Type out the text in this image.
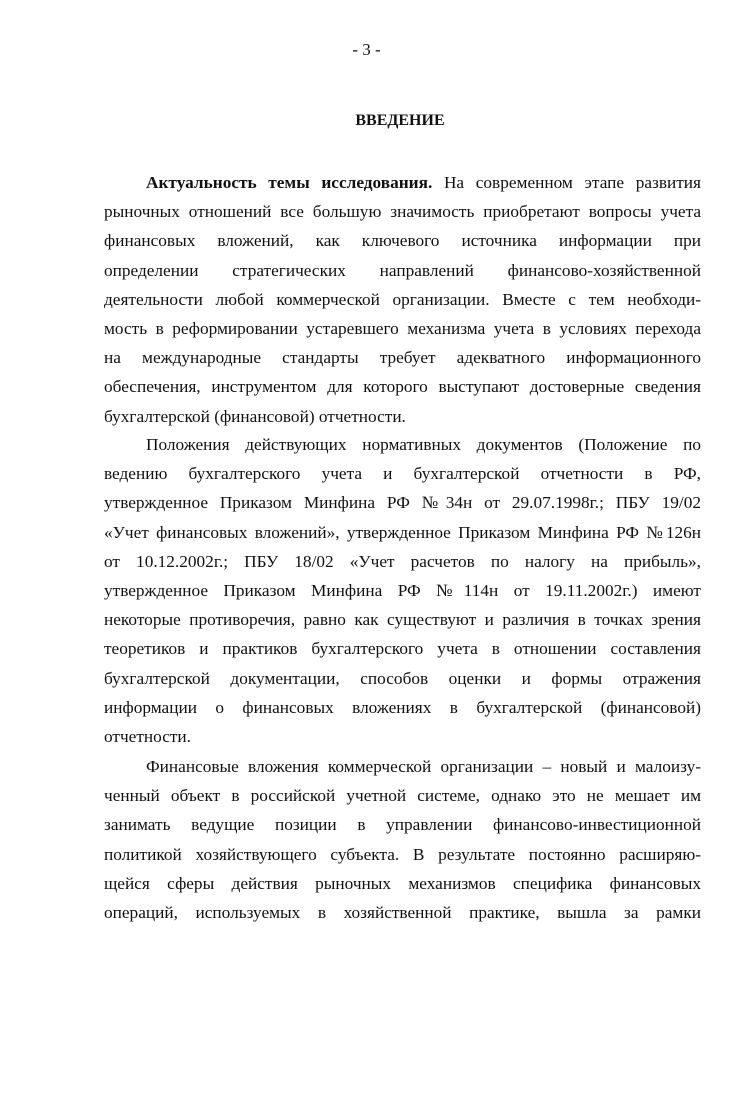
- 3 -
ВВЕДЕНИЕ
Актуальность темы исследования. На современном этапе развития
рыночных отношений все большую значимость приобретают вопросы учета
финансовых вложений, как ключевого источника информации при
определении стратегических направлений финансово-хозяйственной
деятельности любой коммерческой организации. Вместе с тем необходи-
мость в реформировании устаревшего механизма учета в условиях перехода
на международные стандарты требует адекватного информационного
обеспечения, инструментом для которого выступают достоверные сведения
бухгалтерской (финансовой) отчетности.
Положения действующих нормативных документов (Положение по
ведению бухгалтерского учета и бухгалтерской отчетности в РФ,
утвержденное Приказом Минфина РФ №34н от 29.07.1998г.; ПБУ 19/02
«Учет финансовых вложений», утвержденное Приказом Минфина РФ №126н
от 10.12.2002г.; ПБУ 18/02 «Учет расчетов по налогу на прибыль»,
утвержденное Приказом Минфина РФ №114н от 19.11.2002г.) имеют
некоторые противоречия, равно как существуют и различия в точках зрения
теоретиков и практиков бухгалтерского учета в отношении составления
бухгалтерской документации, способов оценки и формы отражения
информации о финансовых вложениях в бухгалтерской (финансовой)
отчетности.
Финансовые вложения коммерческой организации – новый и малоизу-
ченный объект в российской учетной системе, однако это не мешает им
занимать ведущие позиции в управлении финансово-инвестиционной
политикой хозяйствующего субъекта. В результате постоянно расширяю-
щейся сферы действия рыночных механизмов специфика финансовых
операций, используемых в хозяйственной практике, вышла за рамки
